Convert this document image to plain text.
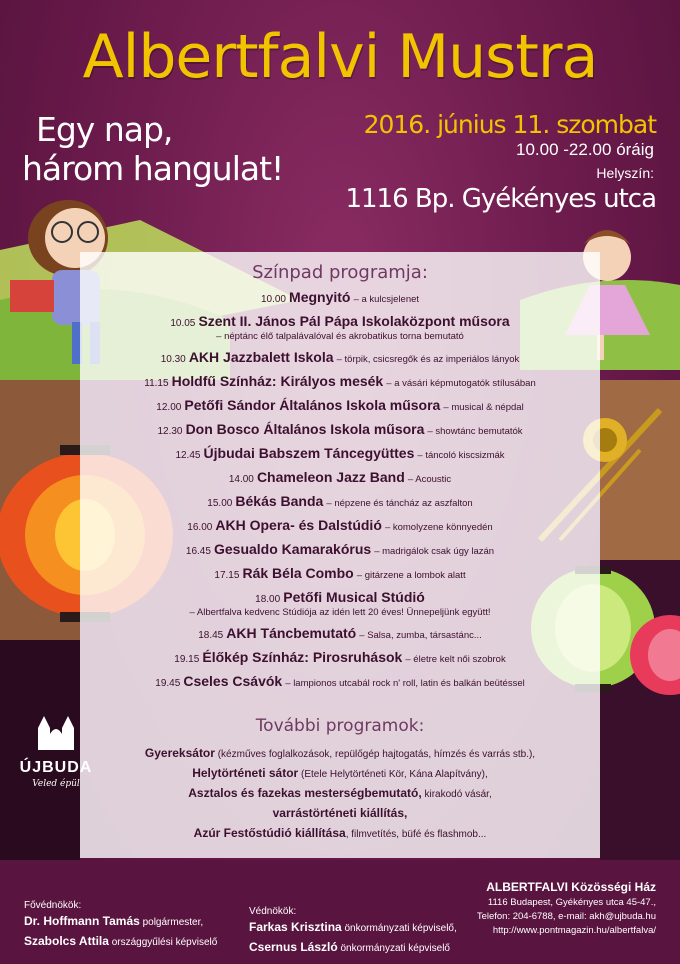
Albertfalvi Mustra
Egy nap,
három hangulat!
2016. június 11. szombat
10.00 -22.00 óráig
Helyszín:
1116 Bp. Gyékényes utca
Színpad programja:
10.00 Megnyitó – a kulcsjelenet
10.05 Szent II. János Pál Pápa Iskolaközpont műsora
– néptánc élő talpalávalóval és akrobatikus torna bemutató
10.30 AKH Jazzbalett Iskola – törpik, csicsregők és az imperiálos lányok
11.15 Holdfű Színház: Királyos mesék – a vásári képmutogatók stílusában
12.00 Petőfi Sándor Általános Iskola műsora – musical & népdal
12.30 Don Bosco Általános Iskola műsora – showtánc bemutatók
12.45 Újbudai Babszem Táncegyüttes – táncoló kiscsizmák
14.00 Chameleon Jazz Band – Acoustic
15.00 Békás Banda – népzene és táncház az aszfalton
16.00 AKH Opera- és Dalstúdió – komolyzene könnyedén
16.45 Gesualdo Kamarakórus – madrigálok csak úgy lazán
17.15 Rák Béla Combo – gitárzene a lombok alatt
18.00 Petőfi Musical Stúdió
– Albertfalva kedvenc Stúdiója az idén lett 20 éves! Ünnepeljünk együtt!
18.45 AKH Táncbemutató – Salsa, zumba, társastánc...
19.15 Élőkép Színház: Pirosruhások – életre kelt női szobrok
19.45 Cseles Csávók – lampionos utcabál rock n' roll, latin és balkán beütéssel
További programok:
Gyereksátor (kézműves foglalkozások, repülőgép hajtogatás, hímzés és varrás stb.),
Helytörténeti sátor (Etele Helytörténeti Kör, Kána Alapítvány),
Asztalos és fazekas mesterségbemutató, kirakodó vásár,
varrástörténeti kiállítás,
Azúr Festőstúdió kiállítása, filmvetítés, büfé és flashmob...
ÚJBUDA
Veled épül
Fővédnökök:
Dr. Hoffmann Tamás polgármester,
Szabolcs Attila országgyűlési képviselő
Védnökök:
Farkas Krisztina önkormányzati képviselő,
Csernus László önkormányzati képviselő
ALBERTFALVI Közösségi Ház
1116 Budapest, Gyékényes utca 45-47.,
Telefon: 204-6788, e-mail: akh@ujbuda.hu
http://www.pontmagazin.hu/albertfalva/
